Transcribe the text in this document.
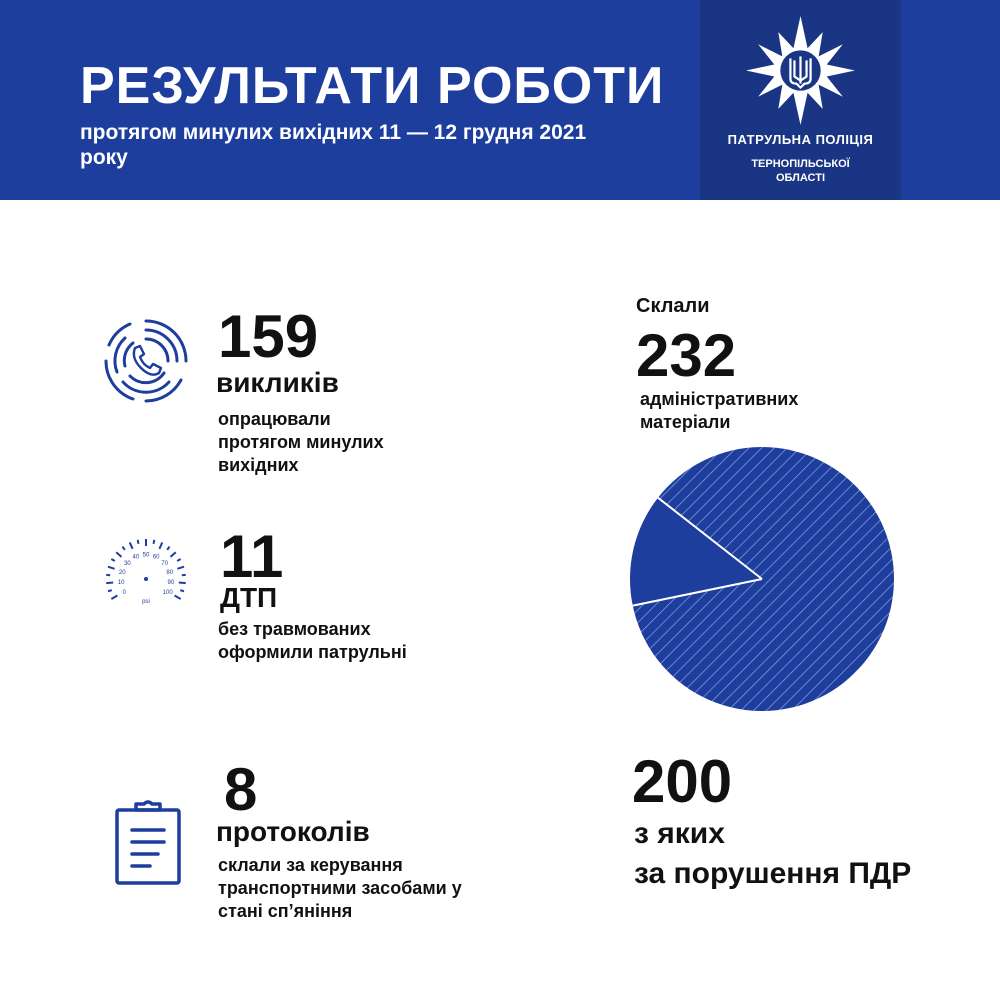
РЕЗУЛЬТАТИ РОБОТИ

протягом минулих вихідних 11 — 12 грудня 2021 року

ПАТРУЛЬНА ПОЛІЦІЯ
ТЕРНОПІЛЬСЬКОЇ ОБЛАСТІ
159
викликів
опрацювали протягом минулих вихідних
0
10
20
30
40 50 60
70
80
90
100
psi
11
ДТП
без травмованих оформили патрульні
8
протоколів
склали за керування транспортними засобами у стані сп’яніння
Склали
232
адміністративних матеріали
200
з яких
за порушення ПДР
